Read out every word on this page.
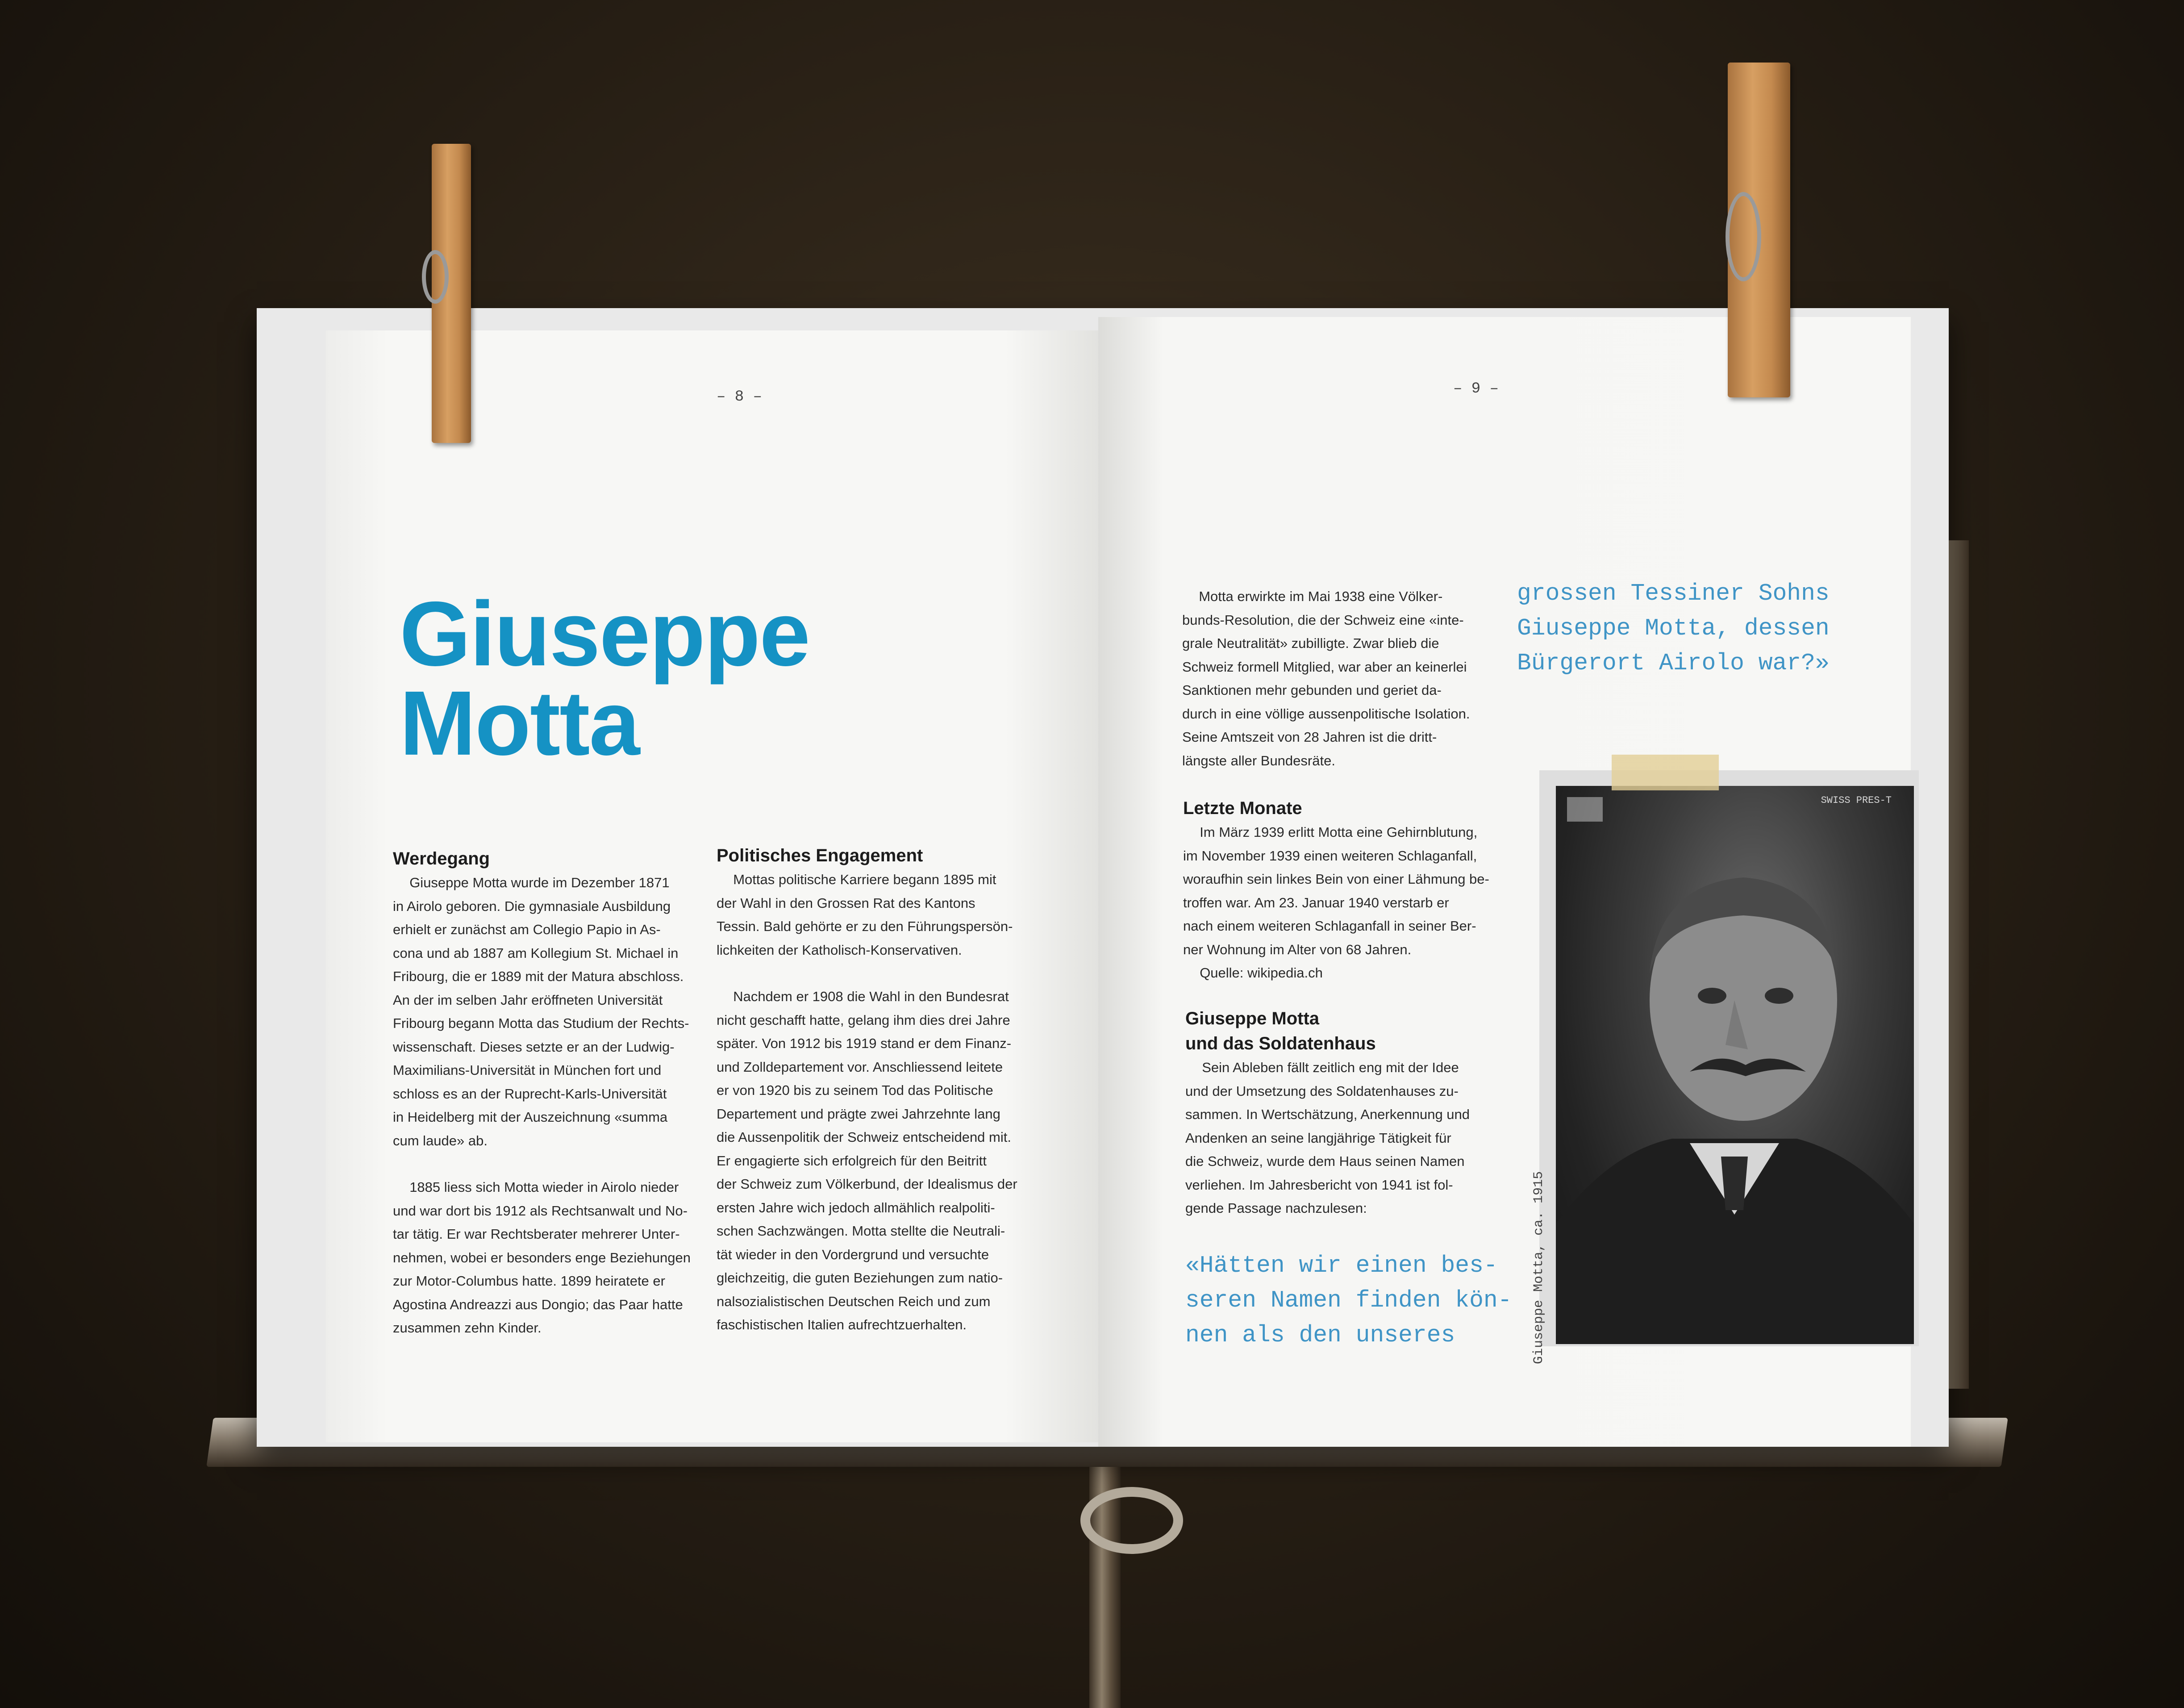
– 8 –
Giuseppe
Motta
Werdegang

Giuseppe Motta wurde im Dezember 1871

in Airolo geboren. Die gymnasiale Ausbildung

erhielt er zunächst am Collegio Papio in As-

cona und ab 1887 am Kollegium St. Michael in

Fribourg, die er 1889 mit der Matura abschloss.

An der im selben Jahr eröffneten Universität

Fribourg begann Motta das Studium der Rechts-

wissenschaft. Dieses setzte er an der Ludwig-

Maximilians-Universität in München fort und

schloss es an der Ruprecht-Karls-Universität

in Heidelberg mit der Auszeichnung «summa

cum laude» ab.

1885 liess sich Motta wieder in Airolo nieder

und war dort bis 1912 als Rechtsanwalt und No-

tar tätig. Er war Rechtsberater mehrerer Unter-

nehmen, wobei er besonders enge Beziehungen

zur Motor-Columbus hatte. 1899 heiratete er

Agostina Andreazzi aus Dongio; das Paar hatte

zusammen zehn Kinder.

Politisches Engagement

Mottas politische Karriere begann 1895 mit

der Wahl in den Grossen Rat des Kantons

Tessin. Bald gehörte er zu den Führungspersön-

lichkeiten der Katholisch-Konservativen.

Nachdem er 1908 die Wahl in den Bundesrat

nicht geschafft hatte, gelang ihm dies drei Jahre

später. Von 1912 bis 1919 stand er dem Finanz-

und Zolldepartement vor. Anschliessend leitete

er von 1920 bis zu seinem Tod das Politische

Departement und prägte zwei Jahrzehnte lang

die Aussenpolitik der Schweiz entscheidend mit.

Er engagierte sich erfolgreich für den Beitritt

der Schweiz zum Völkerbund, der Idealismus der

ersten Jahre wich jedoch allmählich realpoliti-

schen Sachzwängen. Motta stellte die Neutrali-

tät wieder in den Vordergrund und versuchte

gleichzeitig, die guten Beziehungen zum natio-

nalsozialistischen Deutschen Reich und zum

faschistischen Italien aufrechtzuerhalten.

– 9 –

Motta erwirkte im Mai 1938 eine Völker-

bunds-Resolution, die der Schweiz eine «inte-

grale Neutralität» zubilligte. Zwar blieb die

Schweiz formell Mitglied, war aber an keinerlei

Sanktionen mehr gebunden und geriet da-

durch in eine völlige aussenpolitische Isolation.

Seine Amtszeit von 28 Jahren ist die dritt-

längste aller Bundesräte.

Letzte Monate

Im März 1939 erlitt Motta eine Gehirnblutung,

im November 1939 einen weiteren Schlaganfall,

woraufhin sein linkes Bein von einer Lähmung be-

troffen war. Am 23. Januar 1940 verstarb er

nach einem weiteren Schlaganfall in seiner Ber-

ner Wohnung im Alter von 68 Jahren.

Quelle: wikipedia.ch

Giuseppe Motta
und das Soldatenhaus

Sein Ableben fällt zeitlich eng mit der Idee

und der Umsetzung des Soldatenhauses zu-

sammen. In Wertschätzung, Anerkennung und

Andenken an seine langjährige Tätigkeit für

die Schweiz, wurde dem Haus seinen Namen

verliehen. Im Jahresbericht von 1941 ist fol-

gende Passage nachzulesen:

«Hätten wir einen bes-
seren Namen finden kön-
nen als den unseres
grossen Tessiner Sohns
Giuseppe Motta, dessen
Bürgerort Airolo war?»
SWISS PRES-T
Giuseppe Motta, ca. 1915
